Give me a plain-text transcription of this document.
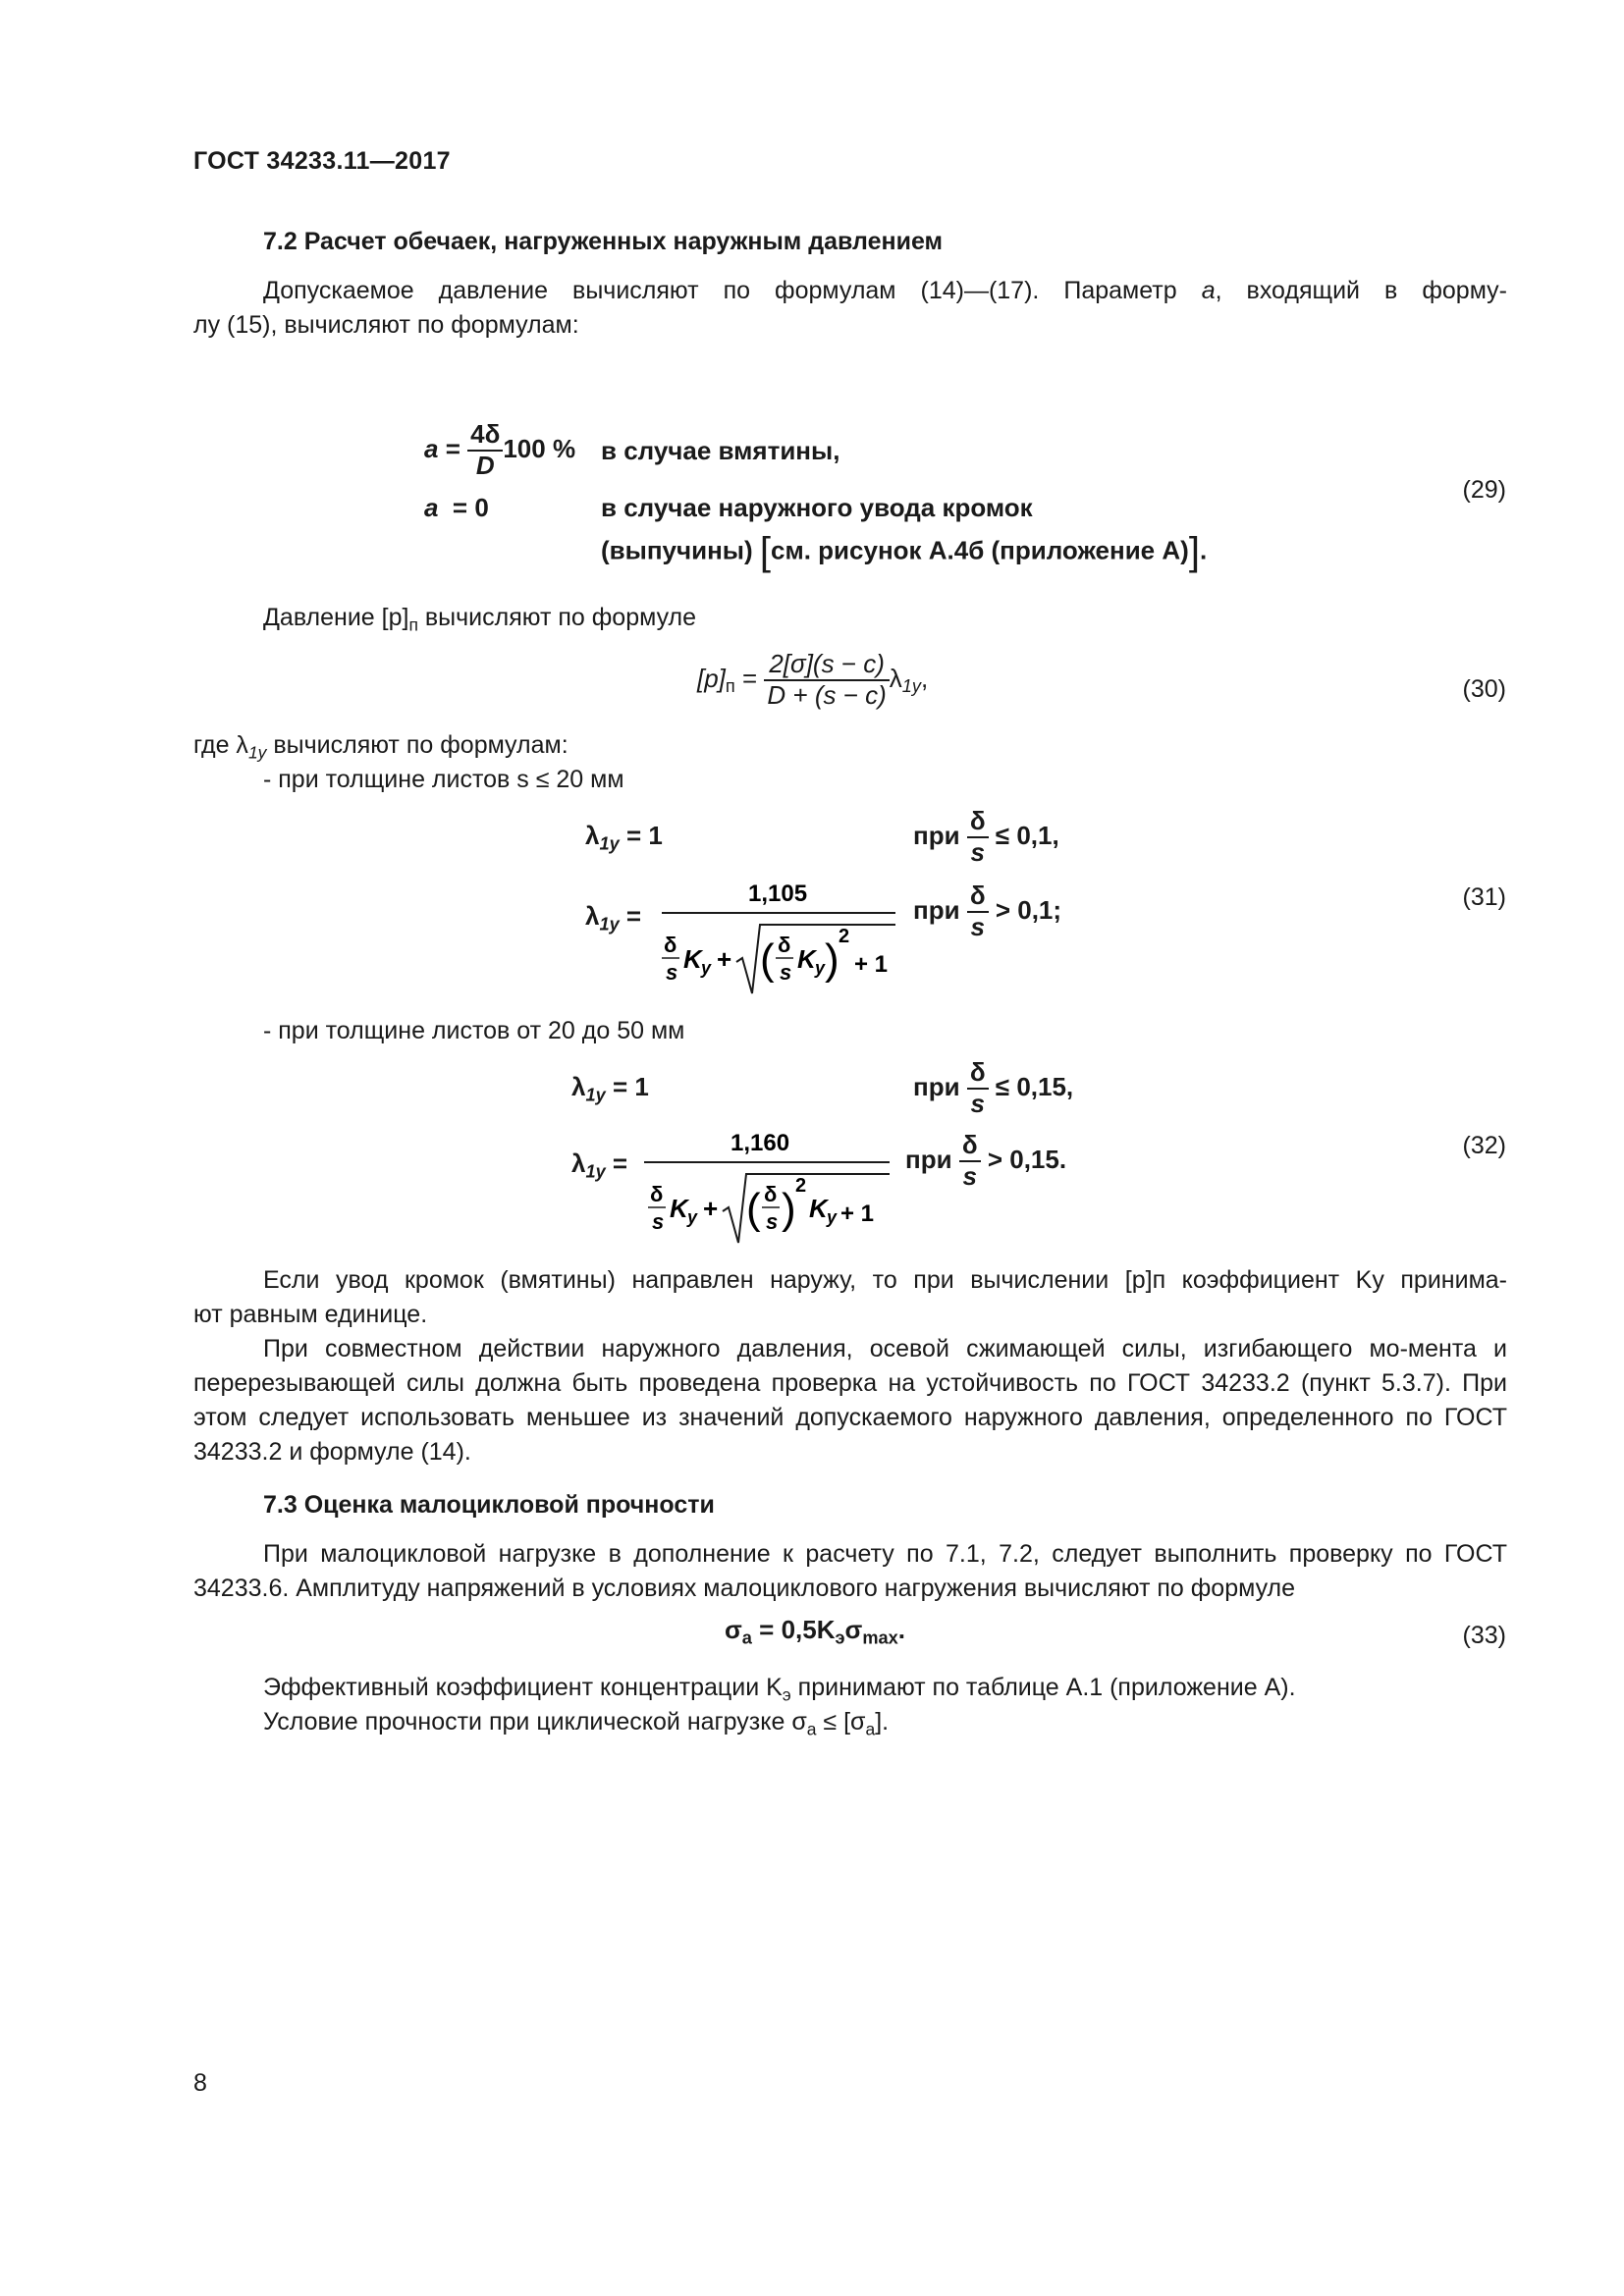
ГОСТ 34233.11—2017
7.2 Расчет обечаек, нагруженных наружным давлением
Допускаемое давление вычисляют по формулам (14)—(17). Параметр a, входящий в форму-
лу (15), вычисляют по формулам:
$a = \frac{4\delta}{D} 100$ % в случае вмятины,
a = 0	в случае наружного увода кромок
(выпучины) [см. рисунок А.4б (приложение А)].
(29)
Давление $[p]_п$ вычисляют по формуле
$[p]_п = \frac{2[\sigma](s - c)}{D + (s - c)} \lambda_{1y}$,	(30)
где $\lambda_{1y}$ вычисляют по формулам:
- при толщине листов s ≤ 20 мм
$\lambda_{1y} = 1$	при $\frac{\delta}{s} \le 0,1$,
$\lambda_{1y}$ =
1,105
δ
s K y + ( δ
s K y ) 2
+ 1
при $\frac{\delta}{s} > 0,1$;	(31)
- при толщине листов от 20 до 50 мм
$\lambda_{1y} = 1$	при $\frac{\delta}{s} \le 0,15$,
$\lambda_{1y}$ =
1,160
δ
s K y + ( δ
s ) 2
K y + 1
при $\frac{\delta}{s} > 0,15$.	(32)
Если увод кромок (вмятины) направлен наружу, то при вычислении [p]п коэффициент Ky принима-
ют равным единице.
При совместном действии наружного давления, осевой сжимающей силы, изгибающего мо-мента и перерезывающей силы должна быть проведена проверка на устойчивость по ГОСТ 34233.2 (пункт 5.3.7). При этом следует использовать меньшее из значений допускаемого наружного давления, определенного по ГОСТ 34233.2 и формуле (14).
7.3 Оценка малоцикловой прочности
При малоцикловой нагрузке в дополнение к расчету по 7.1, 7.2, следует выполнить проверку по ГОСТ 34233.6. Амплитуду напряжений в условиях малоциклового нагружения вычисляют по формуле
$\sigma_a = 0,5K_э\sigma_{max}$.	(33)
Эффективный коэффициент концентрации $K_э$ принимают по таблице А.1 (приложение А).
Условие прочности при циклической нагрузке $\sigma_a \le [\sigma_a]$.
8
